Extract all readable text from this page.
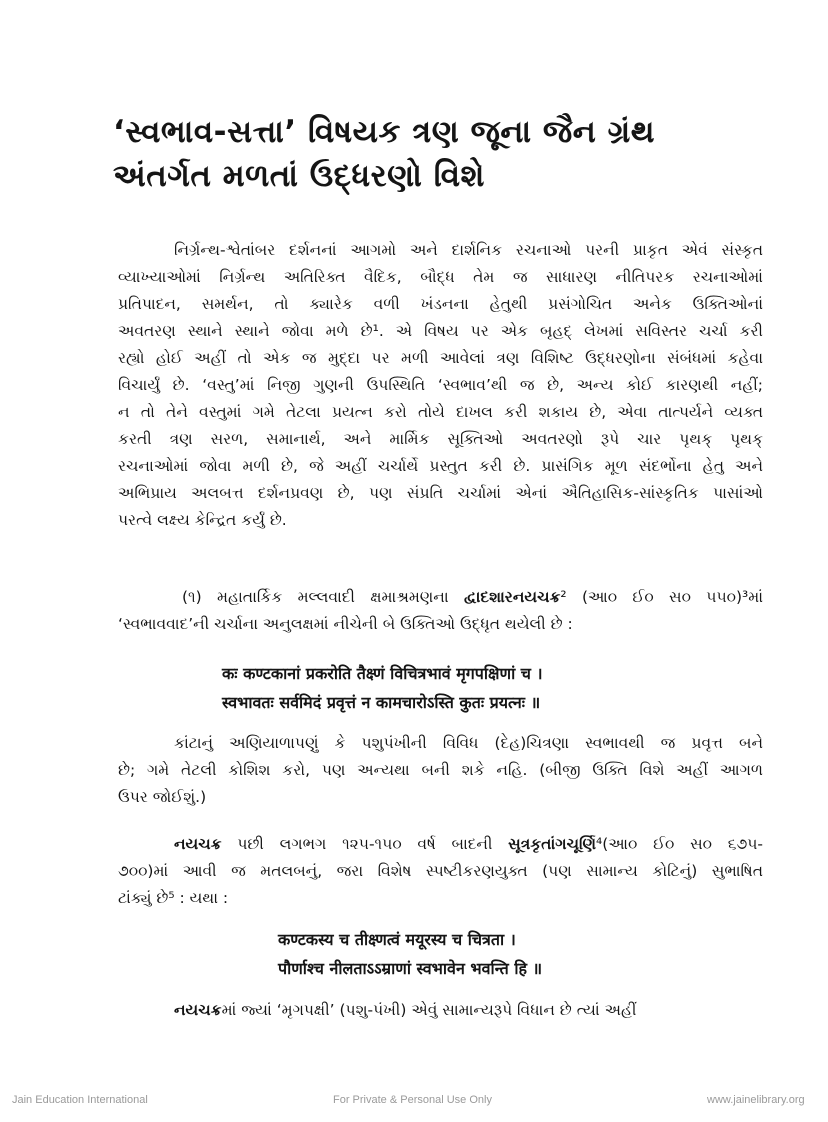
‘સ્વભાવ-સત્તા’ વિષયક ત્રણ જૂના જૈન ગ્રંથ
અંતર્ગત મળતાં ઉદ્ધરણો વિશે
નિર્ગ્રન્થ-શ્વેતાંબર દર્શનનાં આગમો અને દાર્શનિક રચનાઓ પરની પ્રાકૃત એવં સંસ્કૃત
વ્યાખ્યાઓમાં નિર્ગ્રન્થ અતિરિક્ત વૈદિક, બૌદ્ધ તેમ જ સાધારણ નીતિપરક રચનાઓમાં
પ્રતિપાદન, સમર્થન, તો ક્યારેક વળી ખંડનના હેતુથી પ્રસંગોચિત અનેક ઉક્તિઓનાં
અવતરણ સ્થાને સ્થાને જોવા મળે છે¹. એ વિષય પર એક બૃહદ્ લેખમાં સવિસ્તર ચર્ચા કરી
રહ્યો હોઈ અહીં તો એક જ મુદ્દા પર મળી આવેલાં ત્રણ વિશિષ્ટ ઉદ્ધરણોના સંબંધમાં કહેવા
વિચાર્યું છે. ‘વસ્તુ’માં નિજી ગુણની ઉપસ્થિતિ ‘સ્વભાવ’થી જ છે, અન્ય કોઈ કારણથી નહીં;
ન તો તેને વસ્તુમાં ગમે તેટલા પ્રયત્ન કરો તોયે દાખલ કરી શકાય છે, એવા તાત્પર્યને વ્યક્ત
કરતી ત્રણ સરળ, સમાનાર્થ, અને માર્મિક સૂક્તિઓ અવતરણો રૂપે ચાર પૃથક્ પૃથક્
રચનાઓમાં જોવા મળી છે, જે અહીં ચર્ચાર્થે પ્રસ્તુત કરી છે. પ્રાસંગિક મૂળ સંદર્ભોના હેતુ અને
અભિપ્રાય અલબત્ત દર્શનપ્રવણ છે, પણ સંપ્રતિ ચર્ચામાં એનાં ઐતિહાસિક-સાંસ્કૃતિક પાસાંઓ
પરત્વે લક્ષ્ય કેન્દ્રિત કર્યું છે.
(૧) મહાતાર્કિક મલ્લવાદી ક્ષમાશ્રમણના દ્વાદશારનયચક્ર² (આ૦ ઈ૦ સ૦ ૫૫૦)³માં
‘સ્વભાવવાદ’ની ચર્ચાના અનુલક્ષમાં નીચેની બે ઉક્તિઓ ઉદ્ધૃત થયેલી છે :
कः कण्टकानां प्रकरोति तैक्ष्णं विचित्रभावं मृगपक्षिणां च ।
स्वभावतः सर्वमिदं प्रवृत्तं न कामचारोऽस्ति कुतः प्रयत्नः ॥
કાંટાનું અણિયાળાપણું કે પશુપંખીની વિવિધ (દેહ)ચિત્રણા સ્વભાવથી જ પ્રવૃત્ત બને
છે; ગમે તેટલી કોશિશ કરો, પણ અન્યથા બની શકે નહિ. (બીજી ઉક્તિ વિશે અહીં આગળ
ઉપર જોઈશું.)
નયચક્ર પછી લગભગ ૧૨૫-૧૫૦ વર્ષ બાદની સૂત્રકૃતાંગચૂર્ણિ⁴(આ૦ ઈ૦ સ૦ ૬૭૫-
૭૦૦)માં આવી જ મતલબનું, જરા વિશેષ સ્પષ્ટીકરણયુક્ત (પણ સામાન્ય કોટિનું) સુભાષિત
ટાંક્યું છે⁵ : યથા :
कण्टकस्य च तीक्ष्णत्वं मयूरस्य च चित्रता ।
पौर्णाश्च नीलताऽऽम्राणां स्वभावेन भवन्ति हि ॥
નયચક્રમાં જ્યાં ‘મૃગપક્ષી’ (પશુ-પંખી) એવું સામાન્યરૂપે વિધાન છે ત્યાં અહીં
Jain Education International	For Private & Personal Use Only	www.jainelibrary.org
